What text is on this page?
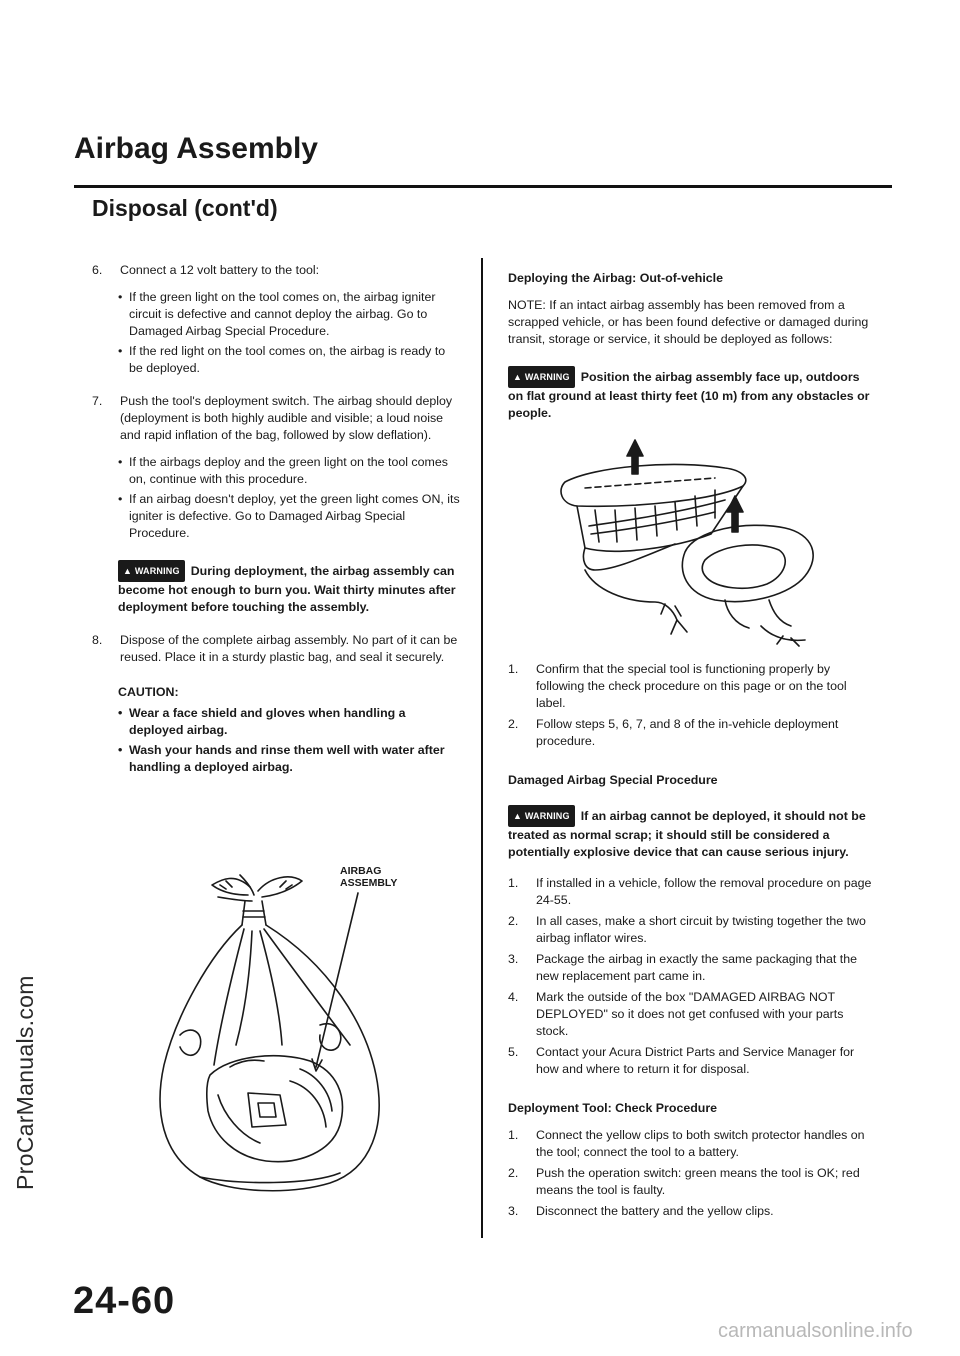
ProCarManuals.com
Airbag Assembly
Disposal (cont'd)
6.	Connect a 12 volt battery to the tool:
• If the green light on the tool comes on, the airbag igniter circuit is defective and cannot deploy the airbag. Go to Damaged Airbag Special Procedure.
• If the red light on the tool comes on, the airbag is ready to be deployed.
7.	Push the tool's deployment switch. The airbag should deploy (deployment is both highly audible and visible; a loud noise and rapid inflation of the bag, followed by slow deflation).
• If the airbags deploy and the green light on the tool comes on, continue with this procedure.
• If an airbag doesn't deploy, yet the green light comes ON, its igniter is defective. Go to Damaged Airbag Special Procedure.
▲ WARNING During deployment, the airbag assembly can become hot enough to burn you. Wait thirty minutes after deployment before touching the assembly.
8.	Dispose of the complete airbag assembly. No part of it can be reused. Place it in a sturdy plastic bag, and seal it securely.
CAUTION:
• Wear a face shield and gloves when handling a deployed airbag.
• Wash your hands and rinse them well with water after handling a deployed airbag.
AIRBAG
ASSEMBLY
Deploying the Airbag: Out-of-vehicle
NOTE: If an intact airbag assembly has been removed from a scrapped vehicle, or has been found defective or damaged during transit, storage or service, it should be deployed as follows:
▲ WARNING Position the airbag assembly face up, outdoors on flat ground at least thirty feet (10 m) from any obstacles or people.
1.	Confirm that the special tool is functioning properly by following the check procedure on this page or on the tool label.
2.	Follow steps 5, 6, 7, and 8 of the in-vehicle deployment procedure.
Damaged Airbag Special Procedure
▲ WARNING If an airbag cannot be deployed, it should not be treated as normal scrap; it should still be considered a potentially explosive device that can cause serious injury.
1.	If installed in a vehicle, follow the removal procedure on page 24-55.
2.	In all cases, make a short circuit by twisting together the two airbag inflator wires.
3.	Package the airbag in exactly the same packaging that the new replacement part came in.
4.	Mark the outside of the box "DAMAGED AIRBAG NOT DEPLOYED" so it does not get confused with your parts stock.
5.	Contact your Acura District Parts and Service Manager for how and where to return it for disposal.
Deployment Tool: Check Procedure
1.	Connect the yellow clips to both switch protector handles on the tool; connect the tool to a battery.
2.	Push the operation switch: green means the tool is OK; red means the tool is faulty.
3.	Disconnect the battery and the yellow clips.
24-60
carmanualsonline.info
